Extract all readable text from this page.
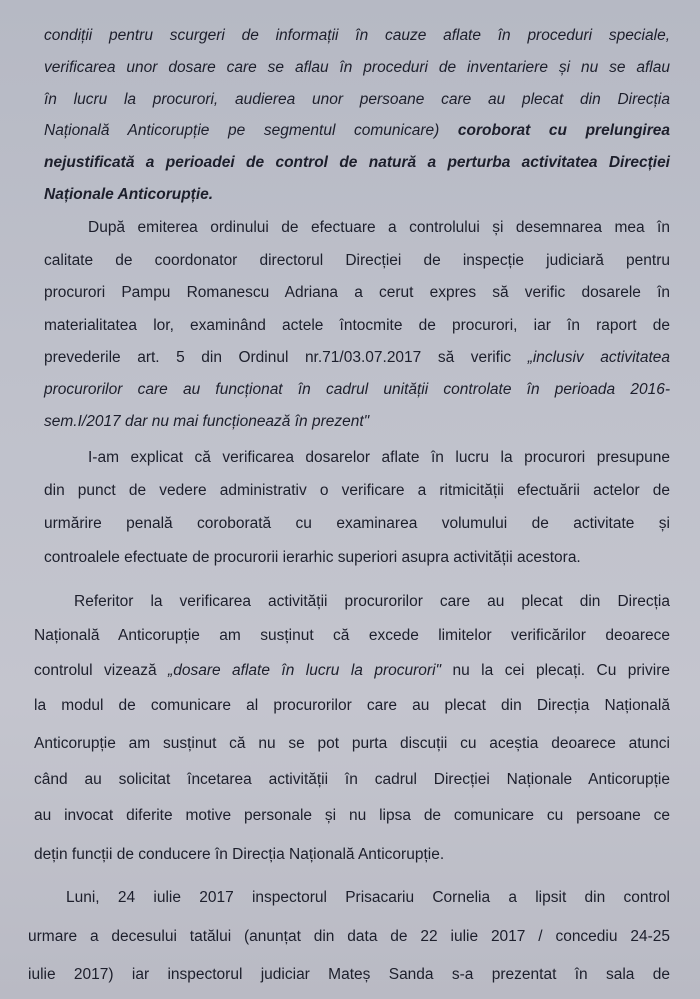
condiții pentru scurgeri de informații în cauze aflate în proceduri speciale,
verificarea unor dosare care se aflau în proceduri de inventariere și nu se aflau
în lucru la procurori, audierea unor persoane care au plecat din Direcția
Națională Anticorupție pe segmentul comunicare) coroborat cu prelungirea
nejustificată a perioadei de control de natură a perturba activitatea Direcției
Naționale Anticorupție.
După emiterea ordinului de efectuare a controlului și desemnarea mea în
calitate de coordonator directorul Direcției de inspecție judiciară pentru
procurori Pampu Romanescu Adriana a cerut expres să verific dosarele în
materialitatea lor, examinând actele întocmite de procurori, iar în raport de
prevederile art. 5 din Ordinul nr.71/03.07.2017 să verific „inclusiv activitatea
procurorilor care au funcționat în cadrul unității controlate în perioada 2016-
sem.I/2017 dar nu mai funcționează în prezent"
I-am explicat că verificarea dosarelor aflate în lucru la procurori presupune
din punct de vedere administrativ o verificare a ritmicității efectuării actelor de
urmărire penală coroborată cu examinarea volumului de activitate și
controalele efectuate de procurorii ierarhic superiori asupra activității acestora.
Referitor la verificarea activității procurorilor care au plecat din Direcția
Națională Anticorupție am susținut că excede limitelor verificărilor deoarece
controlul vizează „dosare aflate în lucru la procurori" nu la cei plecați. Cu privire
la modul de comunicare al procurorilor care au plecat din Direcția Națională
Anticorupție am susținut că nu se pot purta discuții cu aceștia deoarece atunci
când au solicitat încetarea activității în cadrul Direcției Naționale Anticorupție
au invocat diferite motive personale și nu lipsa de comunicare cu persoane ce
dețin funcții de conducere în Direcția Națională Anticorupție.
Luni, 24 iulie 2017 inspectorul Prisacariu Cornelia a lipsit din control
urmare a decesului tatălui (anunțat din data de 22 iulie 2017 / concediu 24-25
iulie 2017) iar inspectorul judiciar Mateș Sanda s-a prezentat în sala de
